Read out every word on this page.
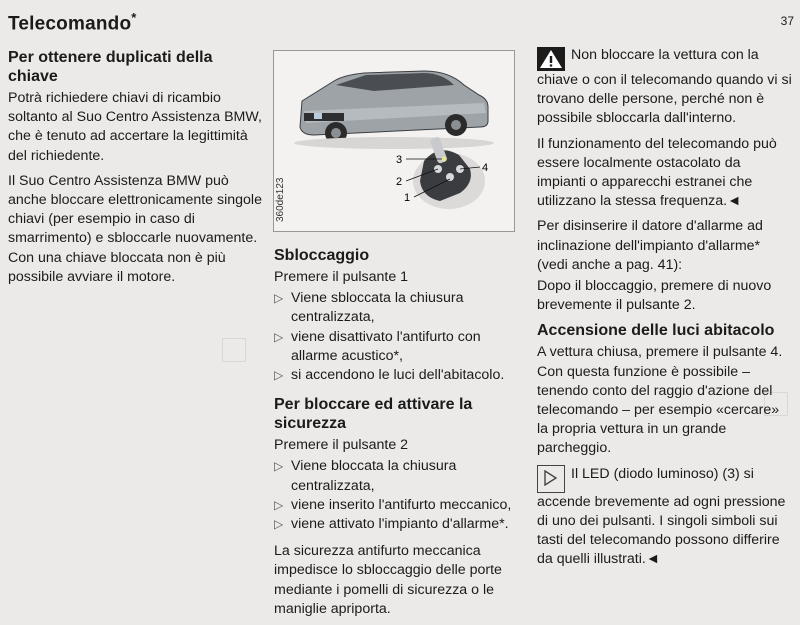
Telecomando*	37
Per ottenere duplicati della chiave

Potrà richiedere chiavi di ricambio soltanto al Suo Centro Assistenza BMW, che è tenuto ad accertare la legittimità del richiedente.

Il Suo Centro Assistenza BMW può anche bloccare elettronicamente singole chiavi (per esempio in caso di smarrimento) e sbloccarle nuovamente. Con una chiave bloccata non è più possibile avviare il motore.

3
2
1
4
360de123
Sbloccaggio

Premere il pulsante 1

▷ Viene sbloccata la chiusura centralizzata,
▷ viene disattivato l'antifurto con allarme acustico*,
▷ si accendono le luci dell'abitacolo.
Per bloccare ed attivare la sicurezza

Premere il pulsante 2

▷ Viene bloccata la chiusura centralizzata,
▷ viene inserito l'antifurto meccanico,
▷ viene attivato l'impianto d'allarme*.

La sicurezza antifurto meccanica impedisce lo sbloccaggio delle porte mediante i pomelli di sicurezza o le maniglie apriporta.

Non bloccare la vettura con la chiave o con il telecomando quando vi si trovano delle persone, perché non è possibile sbloccarla dall'interno.

Il funzionamento del telecomando può essere localmente ostacolato da impianti o apparecchi estranei che utilizzano la stessa frequenza.◄

Per disinserire il datore d'allarme ad inclinazione dell'impianto d'allarme* (vedi anche a pag. 41):

Dopo il bloccaggio, premere di nuovo brevemente il pulsante 2.

Accensione delle luci abitacolo

A vettura chiusa, premere il pulsante 4. Con questa funzione è possibile – tenendo conto del raggio d'azione del telecomando – per esempio «cercare» la propria vettura in un grande parcheggio.

Il LED (diodo luminoso) (3) si accende brevemente ad ogni pressione di uno dei pulsanti. I singoli simboli sui tasti del telecomando possono differire da quelli illustrati.◄
